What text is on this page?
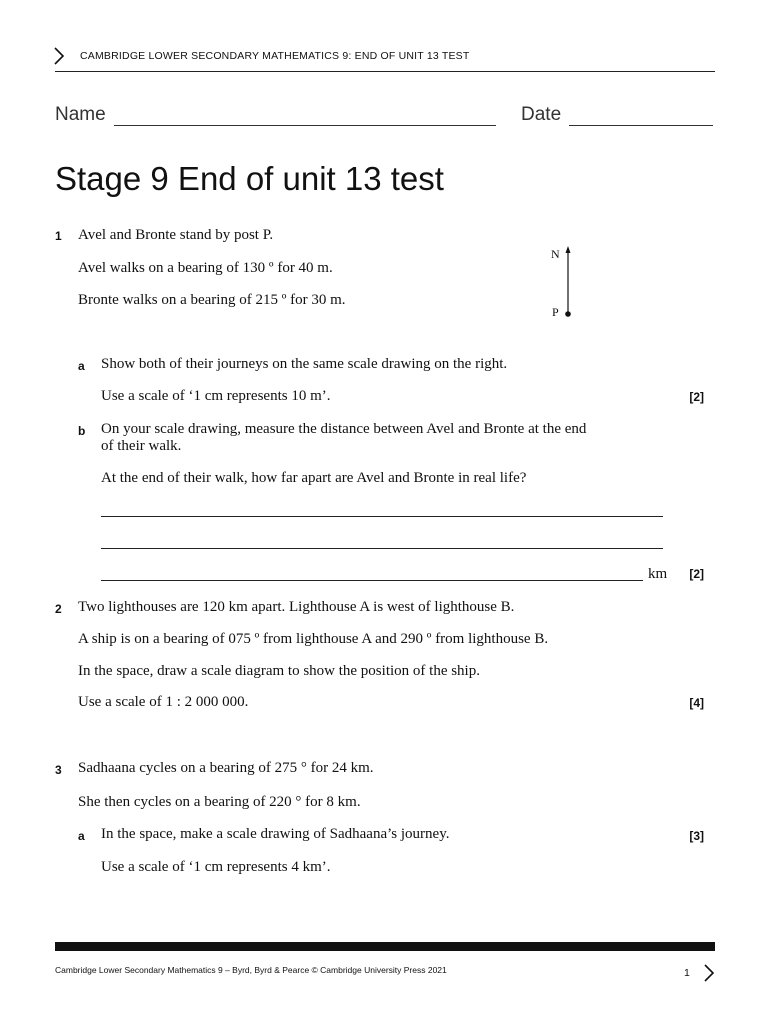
CAMBRIDGE LOWER SECONDARY MATHEMATICS 9: END OF UNIT 13 TEST
Name	Date
Stage 9 End of unit 13 test
1 Avel and Bronte stand by post P.
Avel walks on a bearing of 130 º for 40 m.
Bronte walks on a bearing of 215 º for 30 m.
N
P
a Show both of their journeys on the same scale drawing on the right.
Use a scale of ‘1 cm represents 10 m’.	[2]
b On your scale drawing, measure the distance between Avel and Bronte at the end
of their walk.
At the end of their walk, how far apart are Avel and Bronte in real life?
km [2]
2 Two lighthouses are 120 km apart. Lighthouse A is west of lighthouse B.
A ship is on a bearing of 075 º from lighthouse A and 290 º from lighthouse B.
In the space, draw a scale diagram to show the position of the ship.
Use a scale of 1 : 2 000 000.	[4]
3 Sadhaana cycles on a bearing of 275 ° for 24 km.
She then cycles on a bearing of 220 ° for 8 km.
a In the space, make a scale drawing of Sadhaana’s journey.	[3]
Use a scale of ‘1 cm represents 4 km’.
Cambridge Lower Secondary Mathematics 9 – Byrd, Byrd & Pearce © Cambridge University Press 2021	1
